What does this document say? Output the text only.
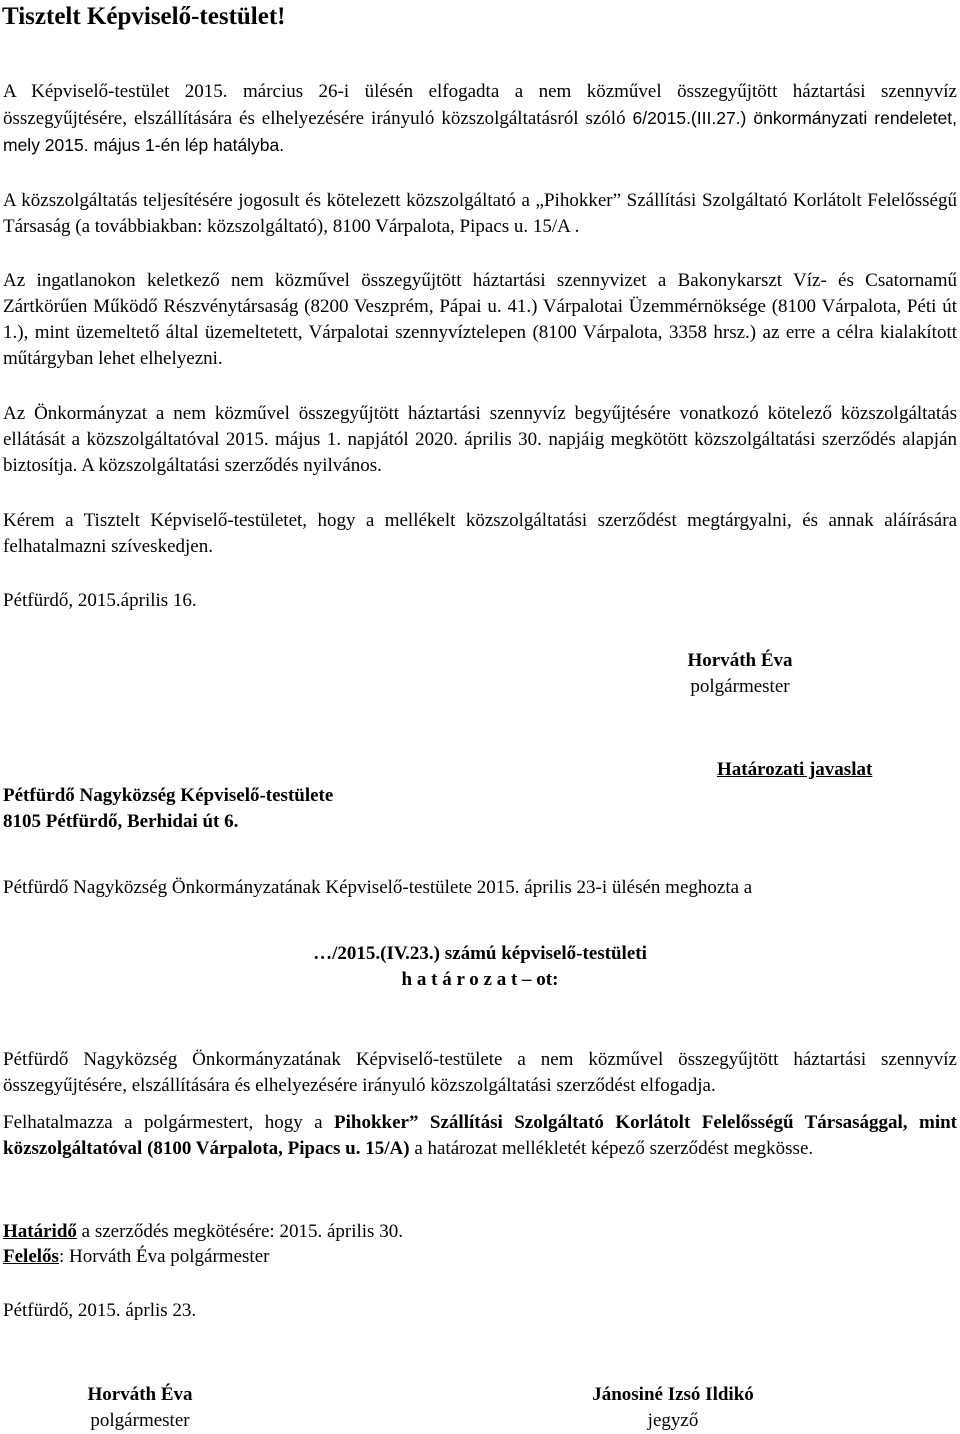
Tisztelt Képviselő-testület!

A Képviselő-testület 2015. március 26-i ülésén elfogadta a nem közművel összegyűjtött háztartási szennyvíz összegyűjtésére, elszállítására és elhelyezésére irányuló közszolgáltatásról szóló 6/2015.(III.27.) önkormányzati rendeletet, mely 2015. május 1-én lép hatályba.

A közszolgáltatás teljesítésére jogosult és kötelezett közszolgáltató a „Pihokker” Szállítási Szolgáltató Korlátolt Felelősségű Társaság (a továbbiakban: közszolgáltató), 8100 Várpalota, Pipacs u. 15/A .

Az ingatlanokon keletkező nem közművel összegyűjtött háztartási szennyvizet a Bakonykarszt Víz- és Csatornamű Zártkörűen Működő Részvénytársaság (8200 Veszprém, Pápai u. 41.) Várpalotai Üzemmérnöksége (8100 Várpalota, Péti út 1.), mint üzemeltető által üzemeltetett, Várpalotai szennyvíztelepen (8100 Várpalota, 3358 hrsz.) az erre a célra kialakított műtárgyban lehet elhelyezni.

Az Önkormányzat a nem közművel összegyűjtött háztartási szennyvíz begyűjtésére vonatkozó kötelező közszolgáltatás ellátását a közszolgáltatóval 2015. május 1. napjától 2020. április 30. napjáig megkötött közszolgáltatási szerződés alapján biztosítja. A közszolgáltatási szerződés nyilvános.

Kérem a Tisztelt Képviselő-testületet, hogy a mellékelt közszolgáltatási szerződést megtárgyalni, és annak aláírására felhatalmazni szíveskedjen.

Pétfürdő, 2015.április 16.

Horváth Éva
polgármester
Határozati javaslat
Pétfürdő Nagyközség Képviselő-testülete
8105 Pétfürdő, Berhidai út 6.

Pétfürdő Nagyközség Önkormányzatának Képviselő-testülete 2015. április 23-i ülésén meghozta a

…/2015.(IV.23.) számú képviselő-testületi
h a t á r o z a t – ot:

Pétfürdő Nagyközség Önkormányzatának Képviselő-testülete a nem közművel összegyűjtött háztartási szennyvíz összegyűjtésére, elszállítására és elhelyezésére irányuló közszolgáltatási szerződést elfogadja.

Felhatalmazza a polgármestert, hogy a Pihokker” Szállítási Szolgáltató Korlátolt Felelősségű Társasággal, mint közszolgáltatóval (8100 Várpalota, Pipacs u. 15/A) a határozat mellékletét képező szerződést megkösse.

Határidő a szerződés megkötésére: 2015. április 30.
Felelős: Horváth Éva polgármester

Pétfürdő, 2015. áprlis 23.

Horváth Éva
polgármester
Jánosiné Izsó Ildikó
jegyző
